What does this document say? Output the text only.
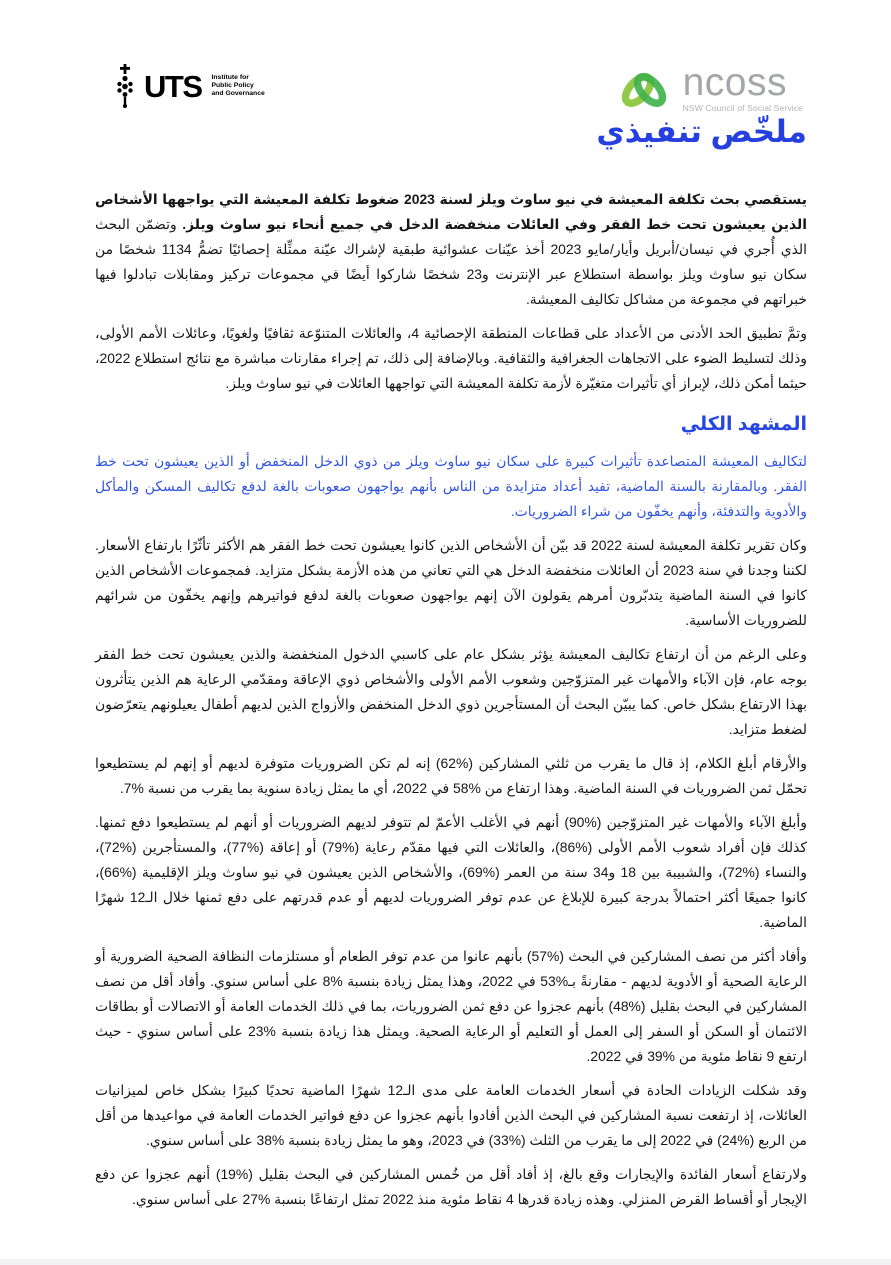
UTS Institute for
Public Policy
and Governance	ncoss
NSW Council of Social Service
ملخّص تنفيذي

يستقصي بحث تكلفة المعيشة في نيو ساوث ويلز لسنة 2023 ضغوط تكلفة المعيشة التي يواجهها الأشخاص الذين يعيشون تحت خط الفقر وفي العائلات منخفضة الدخل في جميع أنحاء نيو ساوث ويلز. وتضمّن البحث الذي أُجري في نيسان/أبريل وأيار/مايو 2023 أخذ عيّنات عشوائية طبقية لإشراك عيّنة ممثِّلة إحصائيًا تضمُّ 1134 شخصًا من سكان نيو ساوث ويلز بواسطة استطلاع عبر الإنترنت و23 شخصًا شاركوا أيضًا في مجموعات تركيز ومقابلات تبادلوا فيها خبراتهم في مجموعة من مشاكل تكاليف المعيشة.

وتمَّ تطبيق الحد الأدنى من الأعداد على قطاعات المنطقة الإحصائية 4، والعائلات المتنوّعة ثقافيًا ولغويًا، وعائلات الأمم الأولى، وذلك لتسليط الضوء على الاتجاهات الجغرافية والثقافية. وبالإضافة إلى ذلك، تم إجراء مقارنات مباشرة مع نتائج استطلاع 2022، حيثما أمكن ذلك، لإبراز أي تأثيرات متغيّرة لأزمة تكلفة المعيشة التي تواجهها العائلات في نيو ساوث ويلز.

المشهد الكلي

لتكاليف المعيشة المتصاعدة تأثيرات كبيرة على سكان نيو ساوث ويلز من ذوي الدخل المنخفض أو الذين يعيشون تحت خط الفقر. وبالمقارنة بالسنة الماضية، تفيد أعداد متزايدة من الناس بأنهم يواجهون صعوبات بالغة لدفع تكاليف المسكن والمأكل والأدوية والتدفئة، وأنهم يخفّون من شراء الضروريات.

وكان تقرير تكلفة المعيشة لسنة 2022 قد بيّن أن الأشخاص الذين كانوا يعيشون تحت خط الفقر هم الأكثر تأثّرًا بارتفاع الأسعار. لكننا وجدنا في سنة 2023 أن العائلات منخفضة الدخل هي التي تعاني من هذه الأزمة بشكل متزايد. فمجموعات الأشخاص الذين كانوا في السنة الماضية يتدبّرون أمرهم يقولون الآن إنهم يواجهون صعوبات بالغة لدفع فواتيرهم وإنهم يخفّون من شرائهم للضروريات الأساسية.

وعلى الرغم من أن ارتفاع تكاليف المعيشة يؤثر بشكل عام على كاسبي الدخول المنخفضة والذين يعيشون تحت خط الفقر بوجه عام، فإن الآباء والأمهات غير المتزوّجين وشعوب الأمم الأولى والأشخاص ذوي الإعاقة ومقدّمي الرعاية هم الذين يتأثرون بهذا الارتفاع بشكل خاص. كما يبيّن البحث أن المستأجرين ذوي الدخل المنخفض والأزواج الذين لديهم أطفال يعيلونهم يتعرّضون لضغط متزايد.

والأرقام أبلغ الكلام، إذ قال ما يقرب من ثلثي المشاركين (%62) إنه لم تكن الضروريات متوفرة لديهم أو إنهم لم يستطيعوا تحمّل ثمن الضروريات في السنة الماضية. وهذا ارتفاع من %58 في 2022، أي ما يمثل زيادة سنوية بما يقرب من نسبة %7.

وأبلغ الآباء والأمهات غير المتزوّجين (%90) أنهم في الأغلب الأعمّ لم تتوفر لديهم الضروريات أو أنهم لم يستطيعوا دفع ثمنها. كذلك فإن أفراد شعوب الأمم الأولى (%86)، والعائلات التي فيها مقدّم رعاية (%79) أو إعاقة (%77)، والمستأجرين (%72)، والنساء (%72)، والشبيبة بين 18 و34 سنة من العمر (%69)، والأشخاص الذين يعيشون في نيو ساوث ويلز الإقليمية (%66)، كانوا جميعًا أكثر احتمالاً بدرجة كبيرة للإبلاغ عن عدم توفر الضروريات لديهم أو عدم قدرتهم على دفع ثمنها خلال الـ12 شهرًا الماضية.

وأفاد أكثر من نصف المشاركين في البحث (%57) بأنهم عانوا من عدم توفر الطعام أو مستلزمات النظافة الصحية الضرورية أو الرعاية الصحية أو الأدوية لديهم - مقارنةً بـ%53 في 2022، وهذا يمثل زيادة بنسبة %8 على أساس سنوي. وأفاد أقل من نصف المشاركين في البحث بقليل (%48) بأنهم عجزوا عن دفع ثمن الضروريات، بما في ذلك الخدمات العامة أو الاتصالات أو بطاقات الائتمان أو السكن أو السفر إلى العمل أو التعليم أو الرعاية الصحية. ويمثل هذا زيادة بنسبة %23 على أساس سنوي - حيث ارتفع 9 نقاط مئوية من %39 في 2022.

وقد شكلت الزيادات الحادة في أسعار الخدمات العامة على مدى الـ12 شهرًا الماضية تحديًا كبيرًا بشكل خاص لميزانيات العائلات، إذ ارتفعت نسبة المشاركين في البحث الذين أفادوا بأنهم عجزوا عن دفع فواتير الخدمات العامة في مواعيدها من أقل من الربع (%24) في 2022 إلى ما يقرب من الثلث (%33) في 2023، وهو ما يمثل زيادة بنسبة %38 على أساس سنوي.

ولارتفاع أسعار الفائدة والإيجارات وقع بالغ، إذ أفاد أقل من خُمس المشاركين في البحث بقليل (%19) أنهم عجزوا عن دفع الإيجار أو أقساط القرض المنزلي. وهذه زيادة قدرها 4 نقاط مئوية منذ 2022 تمثل ارتفاعًا بنسبة %27 على أساس سنوي.
